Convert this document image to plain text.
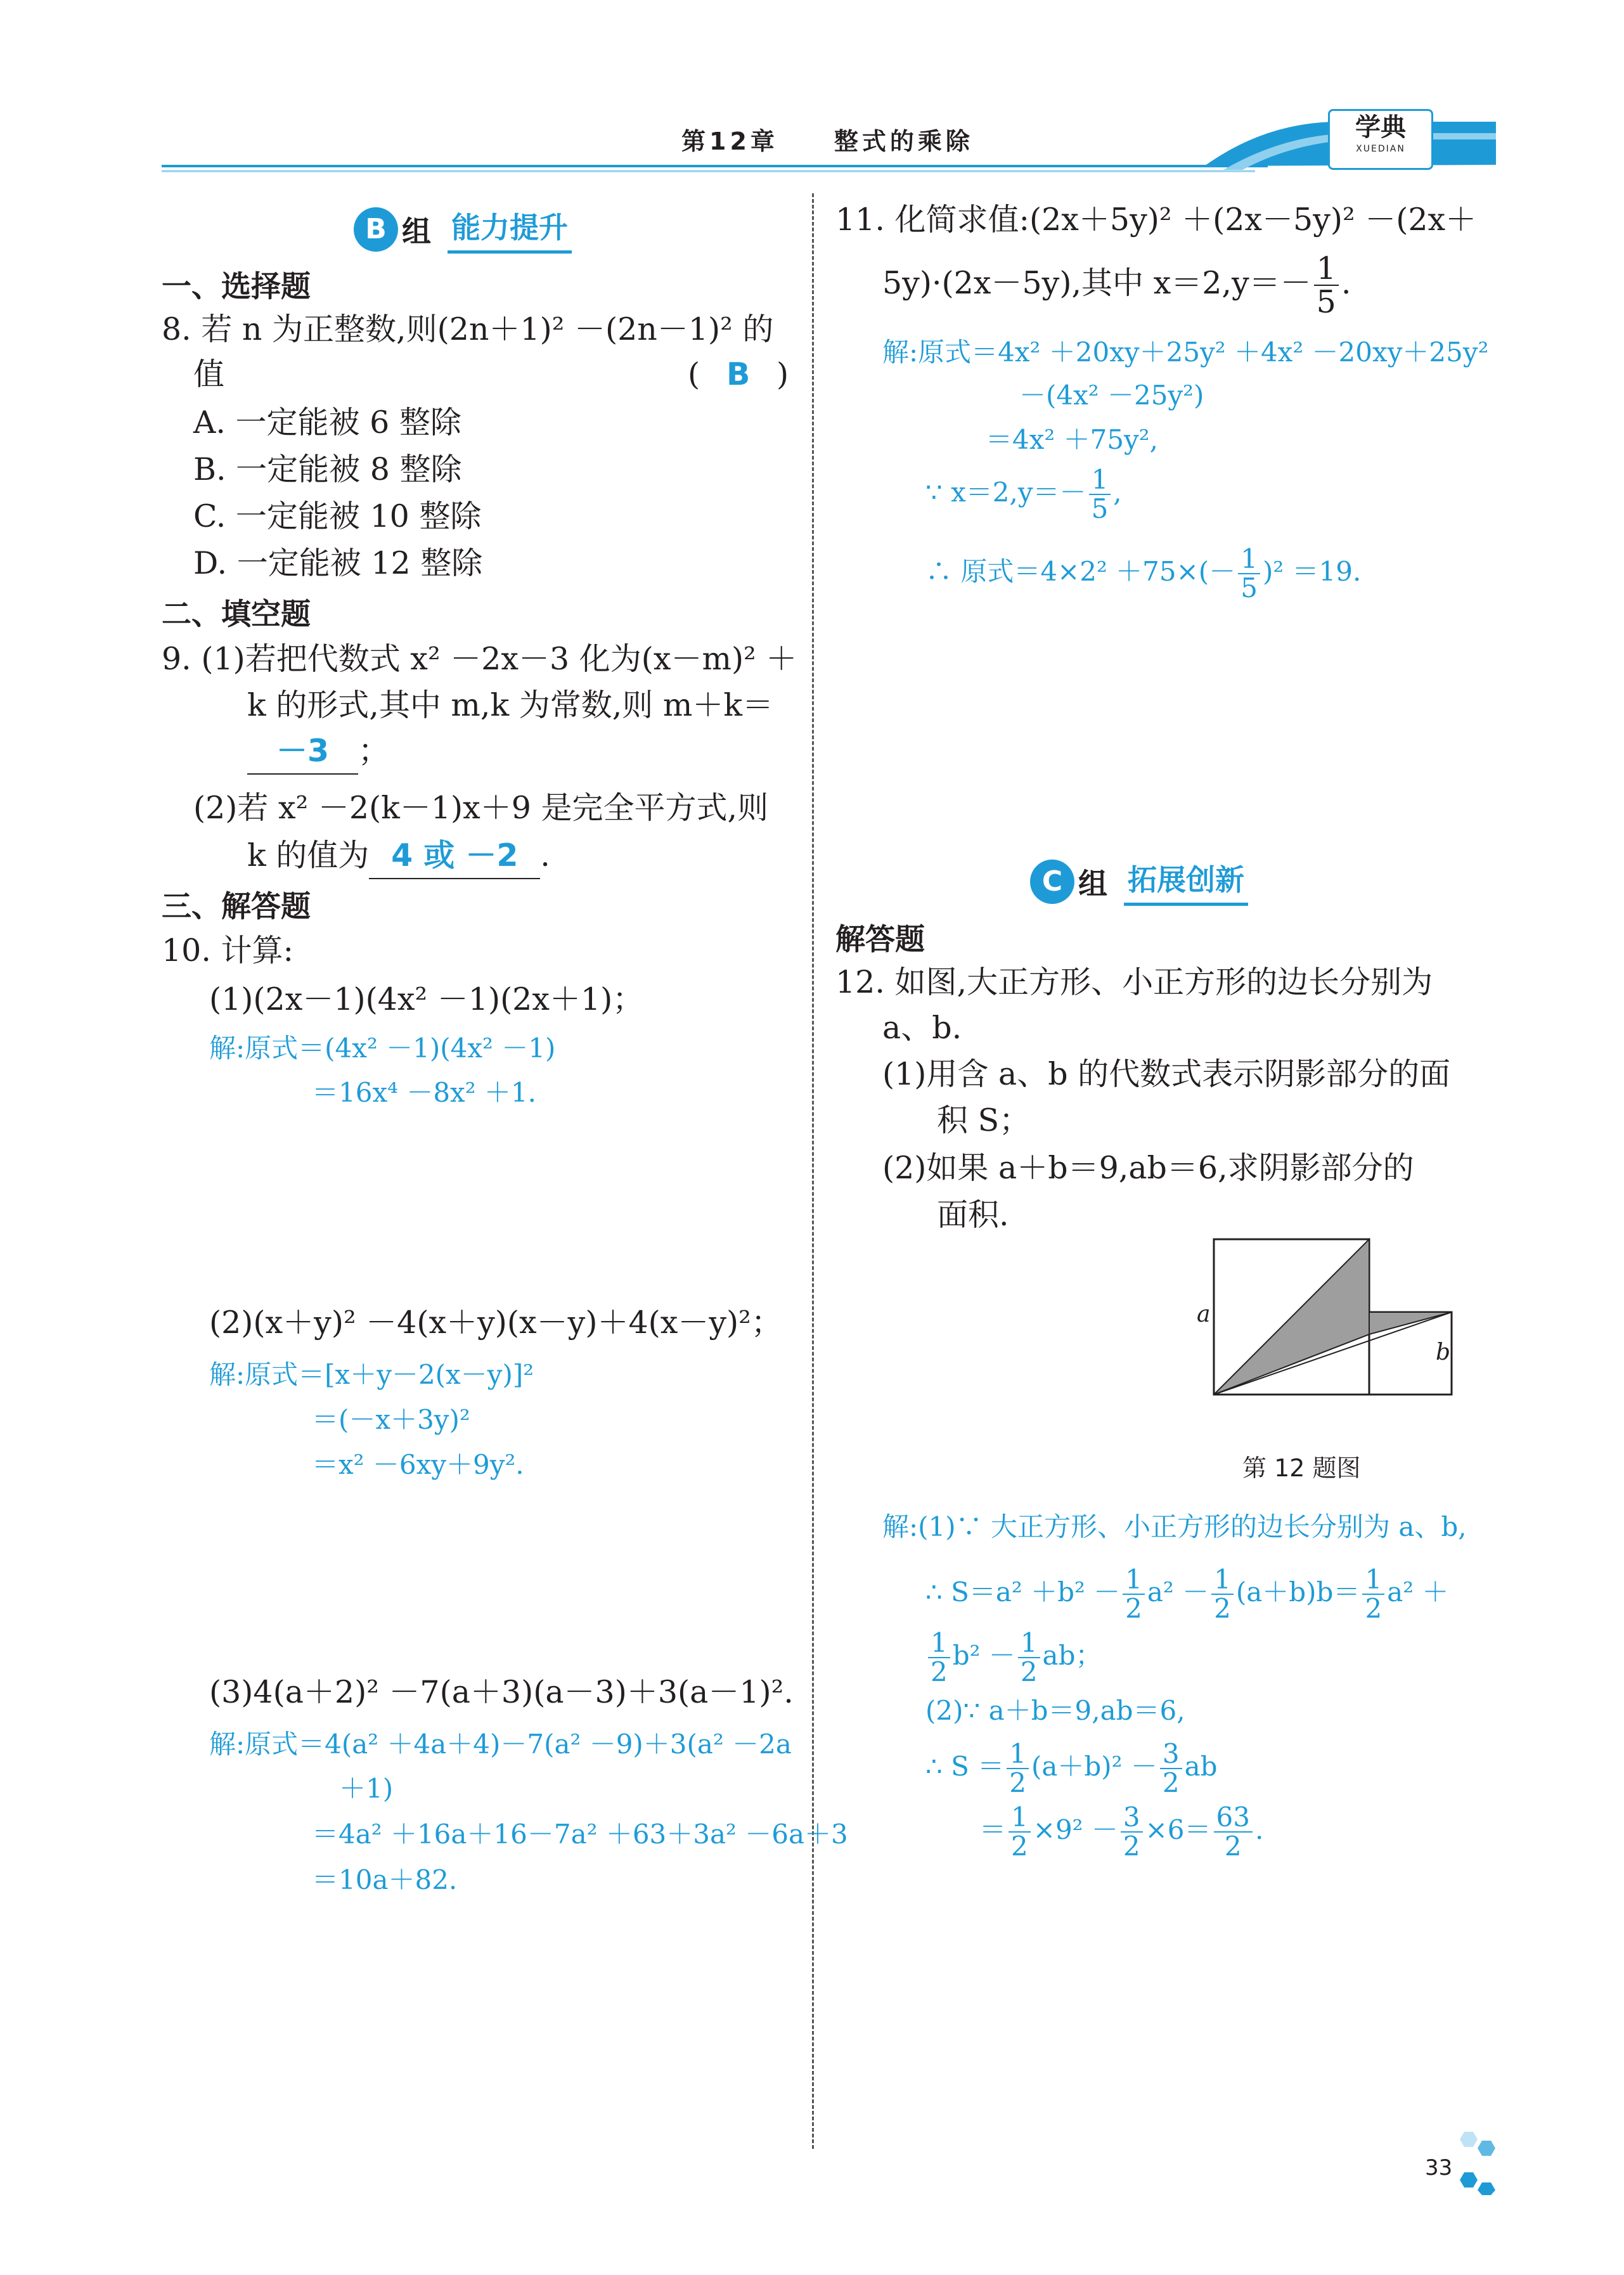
第12章　　整式的乘除	学典
XUEDIAN
B 组 能力提升
一、选择题
8. 若 n 为正整数,则(2n＋1)² －(2n－1)² 的
值	( B )
A. 一定能被 6 整除
B. 一定能被 8 整除
C. 一定能被 10 整除
D. 一定能被 12 整除
二、填空题
9. (1)若把代数式 x² －2x－3 化为(x－m)² ＋
k 的形式,其中 m,k 为常数,则 m＋k＝
－3 ；
(2)若 x² －2(k－1)x＋9 是完全平方式,则
k 的值为 4 或 －2 .
三、解答题
10. 计算:
(1)(2x－1)(4x² －1)(2x＋1)；
解:原式＝(4x² －1)(4x² －1)
＝16x⁴ －8x² ＋1.
(2)(x＋y)² －4(x＋y)(x－y)＋4(x－y)²；
解:原式＝[x＋y－2(x－y)]²
＝(－x＋3y)²
＝x² －6xy＋9y².
(3)4(a＋2)² －7(a＋3)(a－3)＋3(a－1)².
解:原式＝4(a² ＋4a＋4)－7(a² －9)＋3(a² －2a
＋1)
＝4a² ＋16a＋16－7a² ＋63＋3a² －6a＋3
＝10a＋82.
11. 化简求值:(2x＋5y)² ＋(2x－5y)² －(2x＋
5y)·(2x－5y),其中 $x=2,y=- \frac{1}{5}$ .
解:原式＝4x² ＋20xy＋25y² ＋4x² －20xy＋25y²
－(4x² －25y²)
＝4x² ＋75y²,
∵ $x=2,y=- \frac{1}{5}$ ,
∴ 原式$=4\times 2^2 +75\times(- \frac{1}{5} )^2 =19$.
C 组 拓展创新
解答题
12. 如图,大正方形、小正方形的边长分别为
a、b.
(1)用含 a、b 的代数式表示阴影部分的面
积 S；
(2)如果 a＋b＝9,ab＝6,求阴影部分的
面积.
a
b
第 12 题图
解:(1)∵ 大正方形、小正方形的边长分别为 a、b,
∴ $S=a^2 +b^2 - \frac{1}{2} a^2 - \frac{1}{2} (a+b)b= \frac{1}{2} a^2$ ＋
$\frac{1}{2} b^2 - \frac{1}{2}$ ab；
(2)∵ a＋b＝9,ab＝6,
∴ $S = \frac{1}{2} (a+b)^2 - \frac{3}{2}$ ab
＝ $\frac{1}{2} \times 9^2 - \frac{3}{2} \times 6= \frac{63}{2}$ .
33
